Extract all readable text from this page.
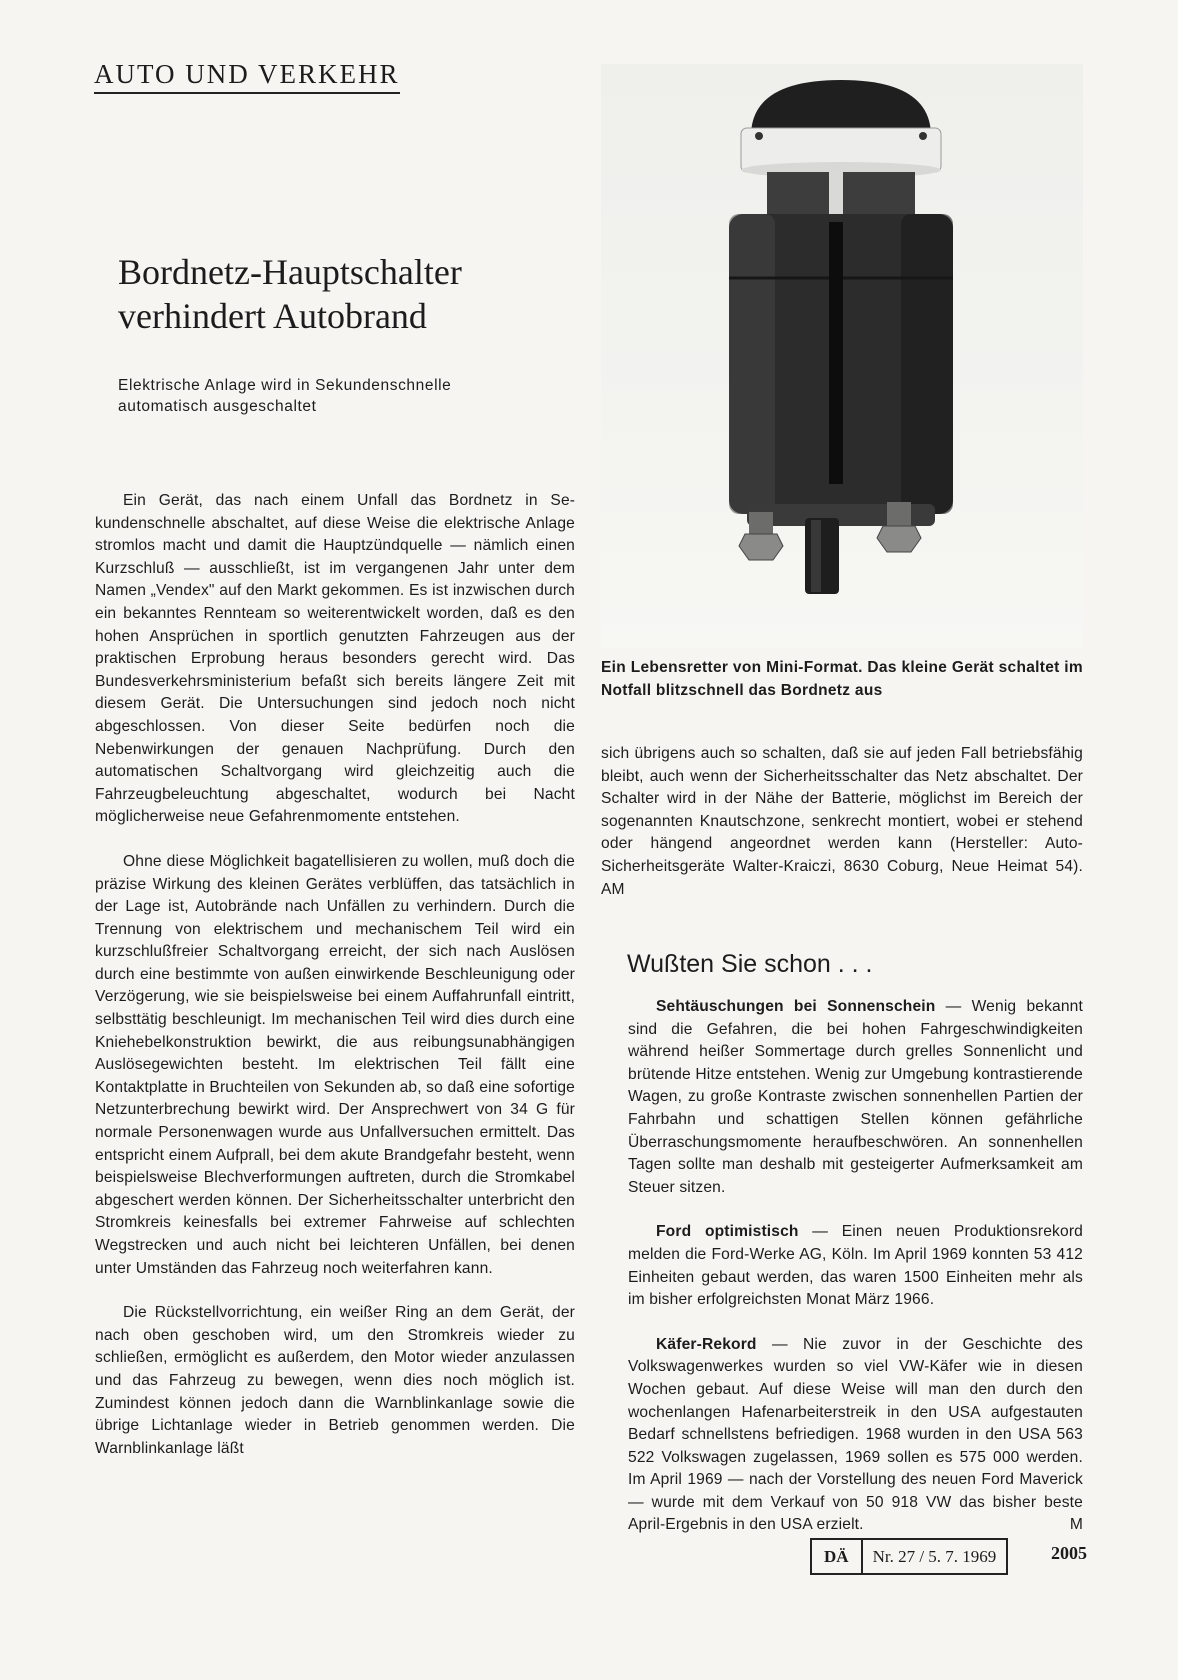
AUTO UND VERKEHR
Bordnetz-Hauptschalter
verhindert Autobrand
Elektrische Anlage wird in Sekundenschnelle
automatisch ausgeschaltet
Ein Lebensretter von Mini-Format. Das kleine Gerät schaltet im Notfall blitzschnell das Bordnetz aus

Ein Gerät, das nach einem Unfall das Bordnetz in Sekundenschnelle abschaltet, auf diese Weise die elektrische Anlage stromlos macht und damit die Hauptzündquelle — nämlich einen Kurzschluß — ausschließt, ist im vergangenen Jahr unter dem Namen „Vendex" auf den Markt gekommen. Es ist inzwischen durch ein bekanntes Rennteam so weiterentwickelt worden, daß es den hohen Ansprüchen in sportlich genutzten Fahrzeugen aus der praktischen Erprobung heraus besonders gerecht wird. Das Bundesverkehrsministerium befaßt sich bereits längere Zeit mit diesem Gerät. Die Untersuchungen sind jedoch noch nicht abgeschlossen. Von dieser Seite bedürfen noch die Nebenwirkungen der genauen Nachprüfung. Durch den automatischen Schaltvorgang wird gleichzeitig auch die Fahrzeugbeleuchtung abgeschaltet, wodurch bei Nacht möglicherweise neue Gefahrenmomente entstehen.

Ohne diese Möglichkeit bagatellisieren zu wollen, muß doch die präzise Wirkung des kleinen Gerätes verblüffen, das tatsächlich in der Lage ist, Autobrände nach Unfällen zu verhindern. Durch die Trennung von elektrischem und mechanischem Teil wird ein kurzschlußfreier Schaltvorgang erreicht, der sich nach Auslösen durch eine bestimmte von außen einwirkende Beschleunigung oder Verzögerung, wie sie beispielsweise bei einem Auffahrunfall eintritt, selbsttätig beschleunigt. Im mechanischen Teil wird dies durch eine Kniehebelkonstruktion bewirkt, die aus reibungsunabhängigen Auslösegewichten besteht. Im elektrischen Teil fällt eine Kontaktplatte in Bruchteilen von Sekunden ab, so daß eine sofortige Netzunterbrechung bewirkt wird. Der Ansprechwert von 34 G für normale Personenwagen wurde aus Unfallversuchen ermittelt. Das entspricht einem Aufprall, bei dem akute Brandgefahr besteht, wenn beispielsweise Blechverformungen auftreten, durch die Stromkabel abgeschert werden können. Der Sicherheitsschalter unterbricht den Stromkreis keinesfalls bei extremer Fahrweise auf schlechten Wegstrecken und auch nicht bei leichteren Unfällen, bei denen unter Umständen das Fahrzeug noch weiterfahren kann.

Die Rückstellvorrichtung, ein weißer Ring an dem Gerät, der nach oben geschoben wird, um den Stromkreis wieder zu schließen, ermöglicht es außerdem, den Motor wieder anzulassen und das Fahrzeug zu bewegen, wenn dies noch möglich ist. Zumindest können jedoch dann die Warnblinkanlage sowie die übrige Lichtanlage wieder in Betrieb genommen werden. Die Warnblinkanlage läßt

sich übrigens auch so schalten, daß sie auf jeden Fall betriebsfähig bleibt, auch wenn der Sicherheitsschalter das Netz abschaltet. Der Schalter wird in der Nähe der Batterie, möglichst im Bereich der sogenannten Knautschzone, senkrecht montiert, wobei er stehend oder hängend angeordnet werden kann (Hersteller: Auto-Sicherheitsgeräte Walter-Kraiczi, 8630 Coburg, Neue Heimat 54). AM

Wußten Sie schon . . .

Sehtäuschungen bei Sonnenschein — Wenig bekannt sind die Gefahren, die bei hohen Fahrgeschwindigkeiten während heißer Sommertage durch grelles Sonnenlicht und brütende Hitze entstehen. Wenig zur Umgebung kontrastierende Wagen, zu große Kontraste zwischen sonnenhellen Partien der Fahrbahn und schattigen Stellen können gefährliche Überraschungsmomente heraufbeschwören. An sonnenhellen Tagen sollte man deshalb mit gesteigerter Aufmerksamkeit am Steuer sitzen.

Ford optimistisch — Einen neuen Produktionsrekord melden die Ford-Werke AG, Köln. Im April 1969 konnten 53 412 Einheiten gebaut werden, das waren 1500 Einheiten mehr als im bisher erfolgreichsten Monat März 1966.

Käfer-Rekord — Nie zuvor in der Geschichte des Volkswagenwerkes wurden so viel VW-Käfer wie in diesen Wochen gebaut. Auf diese Weise will man den durch den wochenlangen Hafenarbeiterstreik in den USA aufgestauten Bedarf schnellstens befriedigen. 1968 wurden in den USA 563 522 Volkswagen zugelassen, 1969 sollen es 575 000 werden. Im April 1969 — nach der Vorstellung des neuen Ford Maverick — wurde mit dem Verkauf von 50 918 VW das bisher beste April-Ergebnis in den USA erzielt.	M

DÄ	Nr. 27 / 5. 7. 1969	2005
